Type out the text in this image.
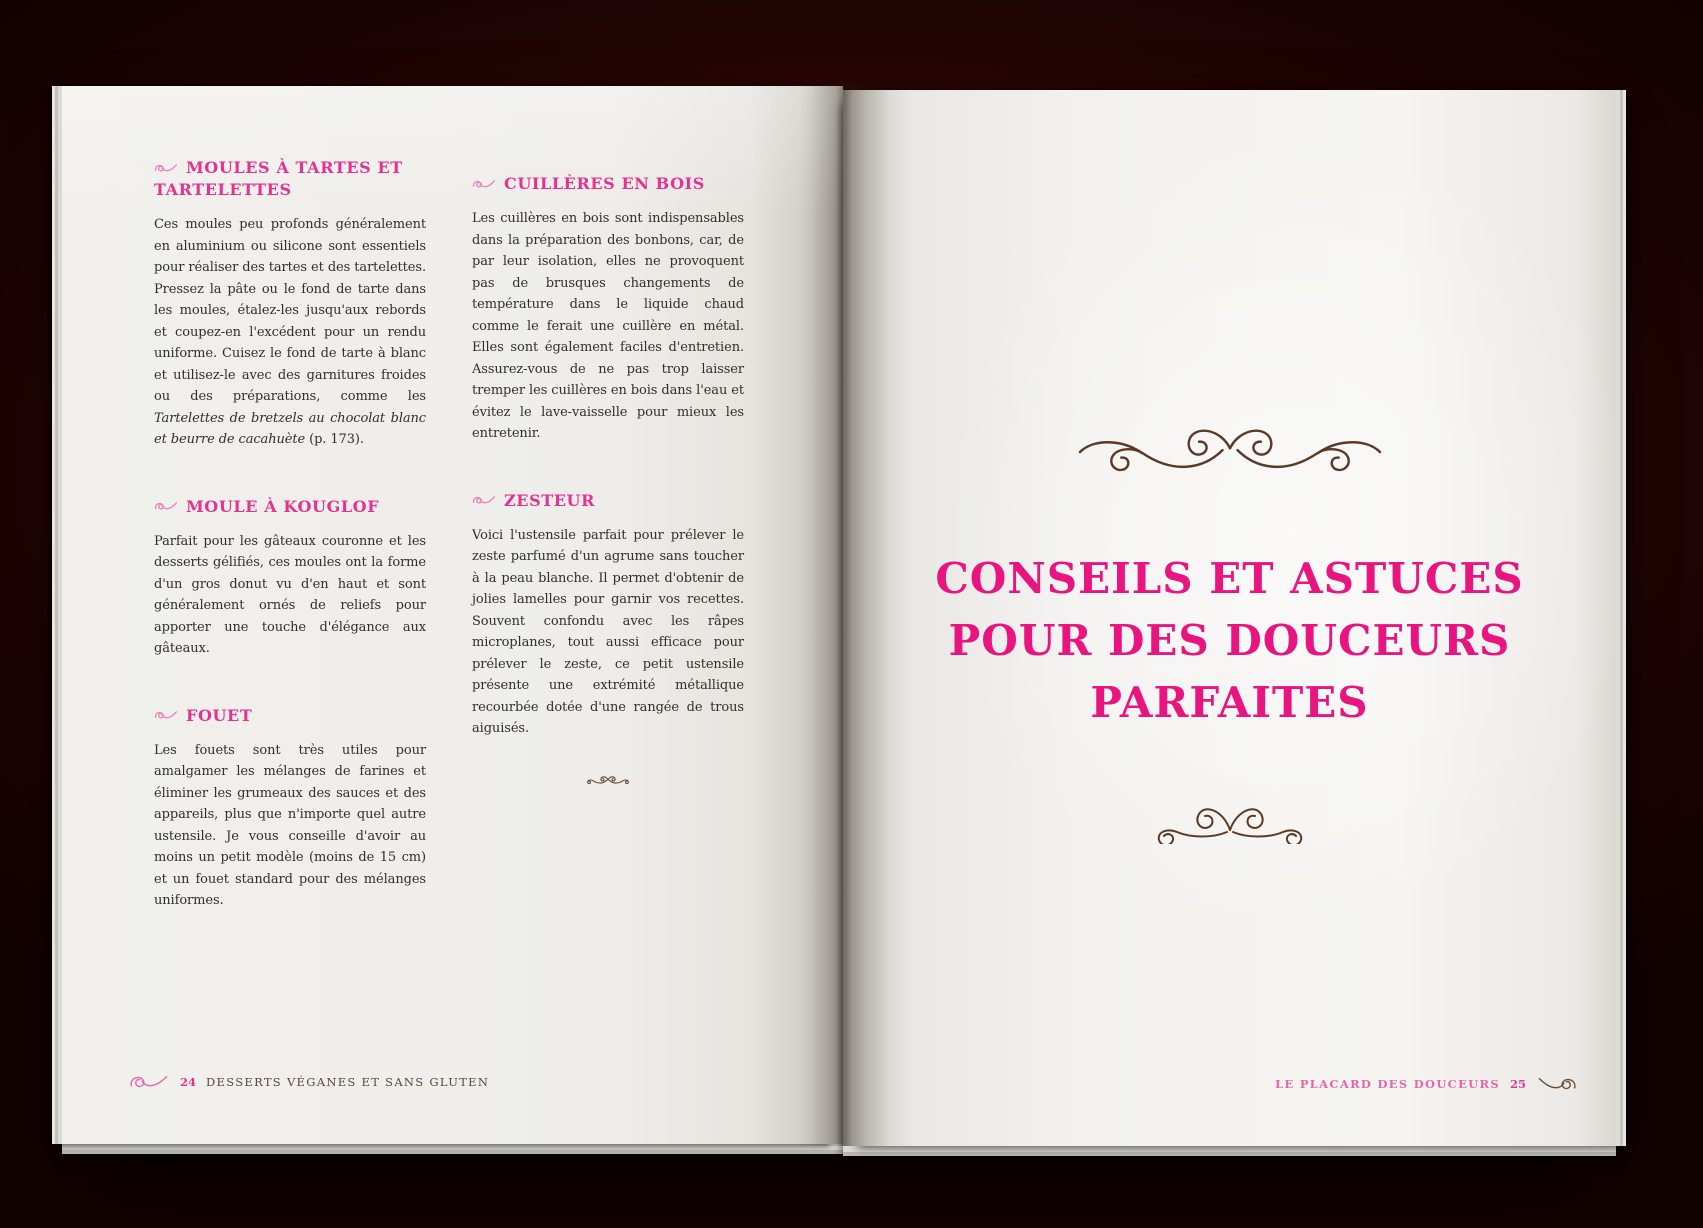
MOULES À TARTES ET TARTELETTES

Ces moules peu profonds généralement en aluminium ou silicone sont essentiels pour réaliser des tartes et des tartelettes. Pressez la pâte ou le fond de tarte dans les moules, étalez-les jusqu'aux rebords et coupez-en l'excédent pour un rendu uniforme. Cuisez le fond de tarte à blanc et utilisez-le avec des garnitures froides ou des préparations, comme les Tartelettes de bretzels au chocolat blanc et beurre de cacahuète (p. 173).

MOULE À KOUGLOF

Parfait pour les gâteaux couronne et les desserts gélifiés, ces moules ont la forme d'un gros donut vu d'en haut et sont généralement ornés de reliefs pour apporter une touche d'élégance aux gâteaux.

FOUET

Les fouets sont très utiles pour amalgamer les mélanges de farines et éliminer les grumeaux des sauces et des appareils, plus que n'importe quel autre ustensile. Je vous conseille d'avoir au moins un petit modèle (moins de 15 cm) et un fouet standard pour des mélanges uniformes.

CUILLÈRES EN BOIS

Les cuillères en bois sont indispensables dans la préparation des bonbons, car, de par leur isolation, elles ne provoquent pas de brusques changements de température dans le liquide chaud comme le ferait une cuillère en métal. Elles sont également faciles d'entretien. Assurez-vous de ne pas trop laisser tremper les cuillères en bois dans l'eau et évitez le lave-vaisselle pour mieux les entretenir.

ZESTEUR

Voici l'ustensile parfait pour prélever le zeste parfumé d'un agrume sans toucher à la peau blanche. Il permet d'obtenir de jolies lamelles pour garnir vos recettes. Souvent confondu avec les râpes microplanes, tout aussi efficace pour prélever le zeste, ce petit ustensile présente une extrémité métallique recourbée dotée d'une rangée de trous aiguisés.

24 DESSERTS VÉGANES ET SANS GLUTEN
CONSEILS ET ASTUCES
POUR DES DOUCEURS
PARFAITES
LE PLACARD DES DOUCEURS 25
